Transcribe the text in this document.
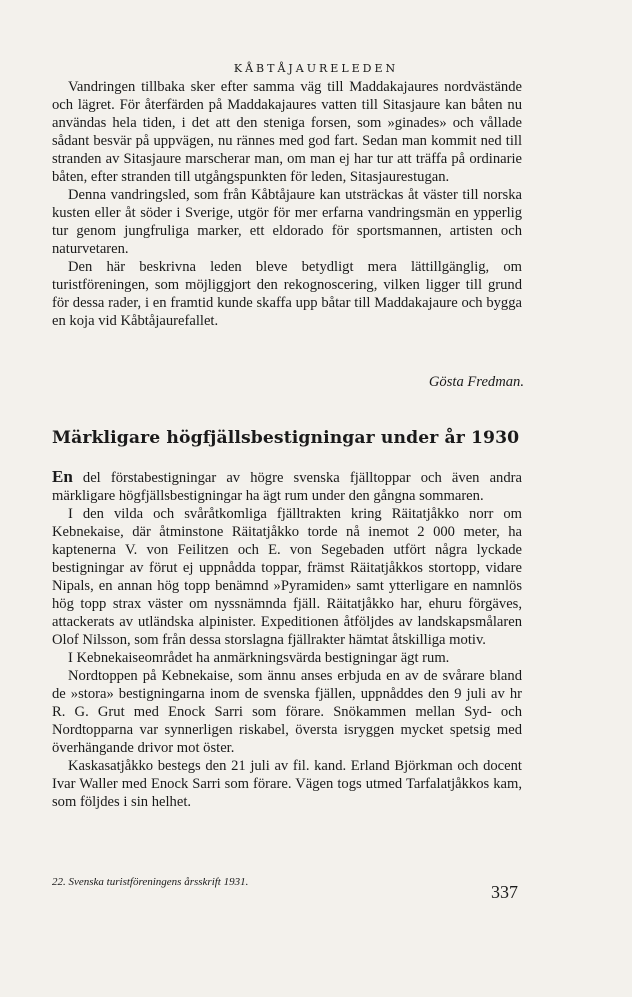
KÅBTÅJAURELEDEN

Vandringen tillbaka sker efter samma väg till Maddakajaures nordvästände och lägret. För återfärden på Maddakajaures vatten till Sitasjaure kan båten nu användas hela tiden, i det att den steniga forsen, som »ginades» och vållade sådant besvär på uppvägen, nu rännes med god fart. Sedan man kommit ned till stranden av Sitasjaure marscherar man, om man ej har tur att träffa på ordinarie båten, efter stranden till utgångspunkten för leden, Sitasjaurestugan.

Denna vandringsled, som från Kåbtåjaure kan utsträckas åt väster till norska kusten eller åt söder i Sverige, utgör för mer erfarna vandringsmän en ypperlig tur genom jungfruliga marker, ett eldorado för sportsmannen, artisten och naturvetaren.

Den här beskrivna leden bleve betydligt mera lättillgänglig, om turistföreningen, som möjliggjort den rekognoscering, vilken ligger till grund för dessa rader, i en framtid kunde skaffa upp båtar till Maddakajaure och bygga en koja vid Kåbtåjaurefallet.

Gösta Fredman.
Märkligare högfjällsbestigningar under år 1930

En del förstabestigningar av högre svenska fjälltoppar och även andra märkligare högfjällsbestigningar ha ägt rum under den gångna sommaren.

I den vilda och svåråtkomliga fjälltrakten kring Räitatjåkko norr om Kebnekaise, där åtminstone Räitatjåkko torde nå inemot 2 000 meter, ha kaptenerna V. von Feilitzen och E. von Segebaden utfört några lyckade bestigningar av förut ej uppnådda toppar, främst Räitatjåkkos stortopp, vidare Nipals, en annan hög topp benämnd »Pyramiden» samt ytterligare en namnlös hög topp strax väster om nyssnämnda fjäll. Räitatjåkko har, ehuru förgäves, attackerats av utländska alpinister. Expeditionen åtföljdes av landskapsmålaren Olof Nilsson, som från dessa storslagna fjällrakter hämtat åtskilliga motiv.

I Kebnekaiseområdet ha anmärkningsvärda bestigningar ägt rum.

Nordtoppen på Kebnekaise, som ännu anses erbjuda en av de svårare bland de »stora» bestigningarna inom de svenska fjällen, uppnåddes den 9 juli av hr R. G. Grut med Enock Sarri som förare. Snökammen mellan Syd- och Nordtopparna var synnerligen riskabel, översta isryggen mycket spetsig med överhängande drivor mot öster.

Kaskasatjåkko bestegs den 21 juli av fil. kand. Erland Björkman och docent Ivar Waller med Enock Sarri som förare. Vägen togs utmed Tarfalatjåkkos kam, som följdes i sin helhet.

22. Svenska turistföreningens årsskrift 1931.	337
